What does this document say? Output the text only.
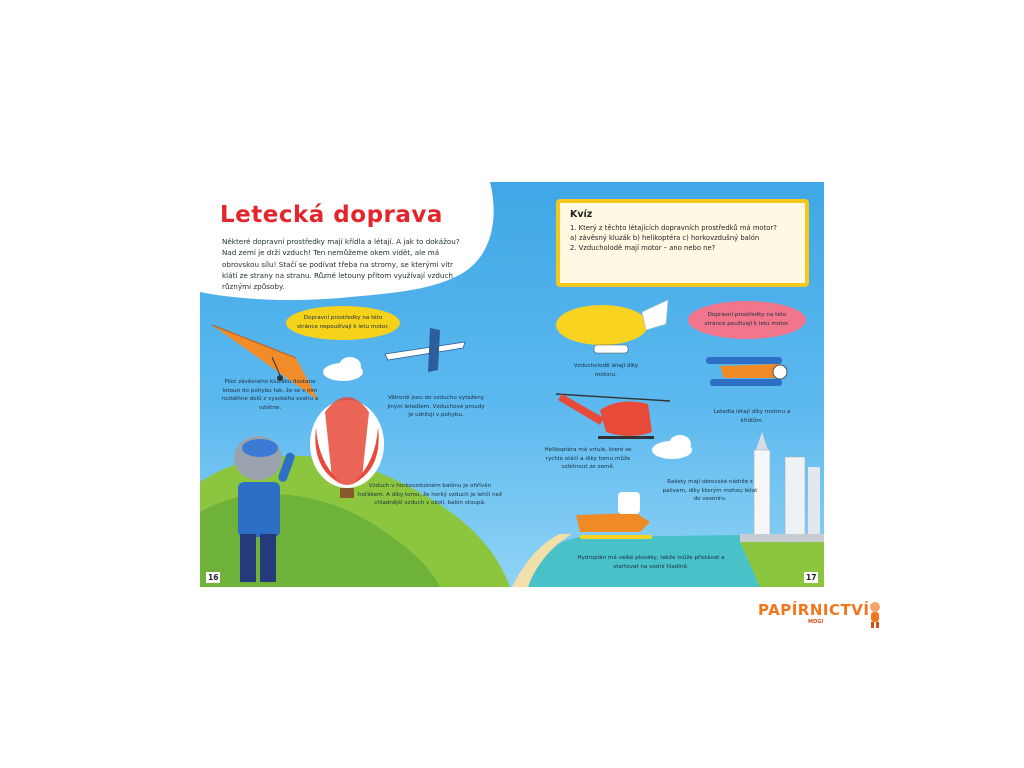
Letecká doprava
Některé dopravní prostředky mají křídla a létají. A jak to dokážou? Nad zemí je drží vzduch! Ten nemůžeme okem vidět, ale má obrovskou sílu! Stačí se podívat třeba na stromy, se kterými vítr klátí ze strany na stranu. Různé letouny přitom využívají vzduch různými způsoby.
Dopravní prostředky na této stránce nepoužívají k letu motor.
Pilot závěsného kluzáku dostane letoun do pohybu tak, že se s ním rozběhne dolů z vysokého svahu a vzlétne.
Větroně jsou do vzduchu vytaženy jiným letadlem. Vzduchové proudy je udržují v pohybu.
Vzduch v horkovzdušném balónu je ohříván hořákem. A díky tomu, že horký vzduch je lehčí než chladnější vzduch v okolí, balón stoupá.
16
Kvíz
1. Který z těchto létajících dopravních prostředků má motor?
a) závěsný kluzák b) helikoptéra c) horkovzdušný balón
2. Vzducholodě mají motor – ano nebo ne?
Dopravní prostředky na této stránce používají k letu motor.
Vzducholodě létají díky motoru.
Letadla létají díky motoru a křídlům.
Helikoptéra má vrtule, které se rychle otáčí a díky tomu může vzlétnout ze země.
Rakety mají obrovské nádrže s palivem, díky kterým mohou létat do vesmíru.
Hydroplán má velké plováky, takže může přistávat a startovat na vodní hladině.
17
PAPÍRNICTVÍ
MOGI
